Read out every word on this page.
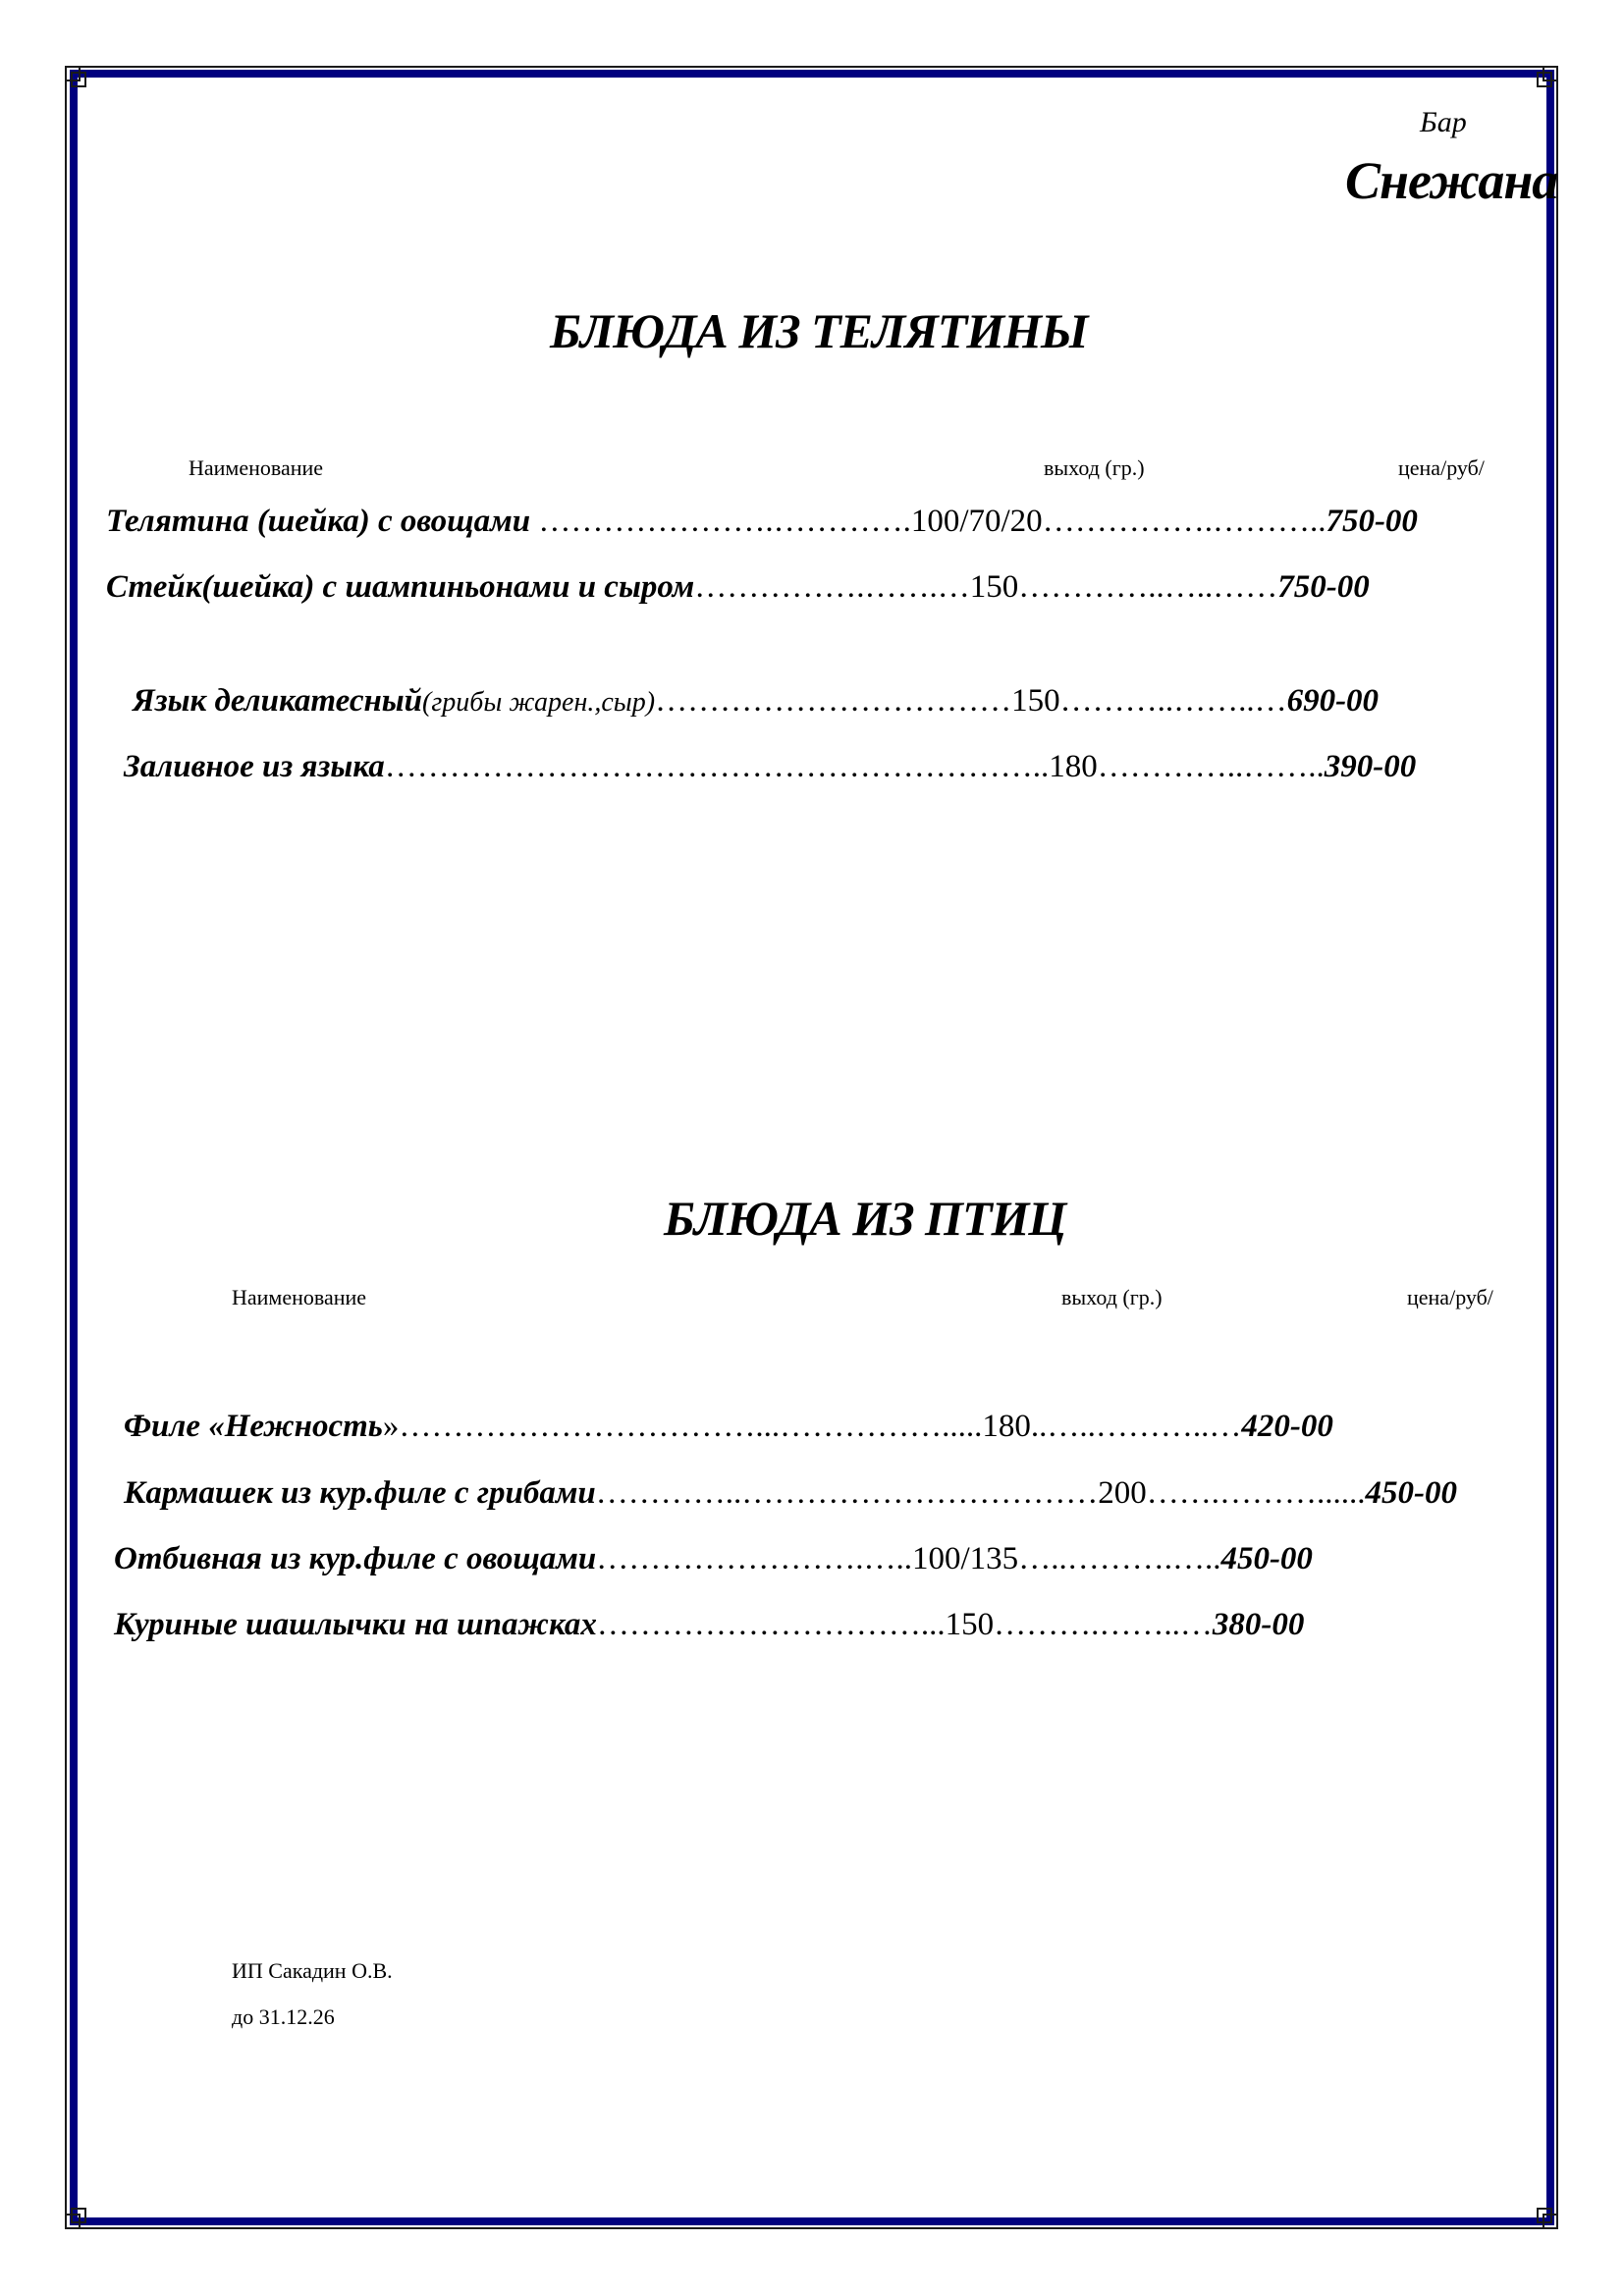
Бар
Снежана
БЛЮДА ИЗ ТЕЛЯТИНЫ
Наименование	выход (гр.)	цена/руб/
Телятина (шейка) с овощами ………………….………….100/70/20…………….………..750-00
Стейк(шейка) с шампиньонами и сыром…………….…….…150…………..…..……750-00
Язык деликатесный(грибы жарен.,сыр)……………………………150………..……..…690-00
Заливное из языка……………………………………………………..180…………..……..390-00
БЛЮДА ИЗ ПТИЦ
Наименование	выход (гр.)	цена/руб/
Филе «Нежность»……………………………...…………….....180..…..………..…420-00
Кармашек из кур.филе с грибами…………..……………………………200…….………......450-00
Отбивная из кур.филе с овощами…………………….…..100/135…..……….…..450-00
Куриные шашлычки на шпажках…………………………...150……….……..…380-00
ИП Сакадин О.В.
до 31.12.26
